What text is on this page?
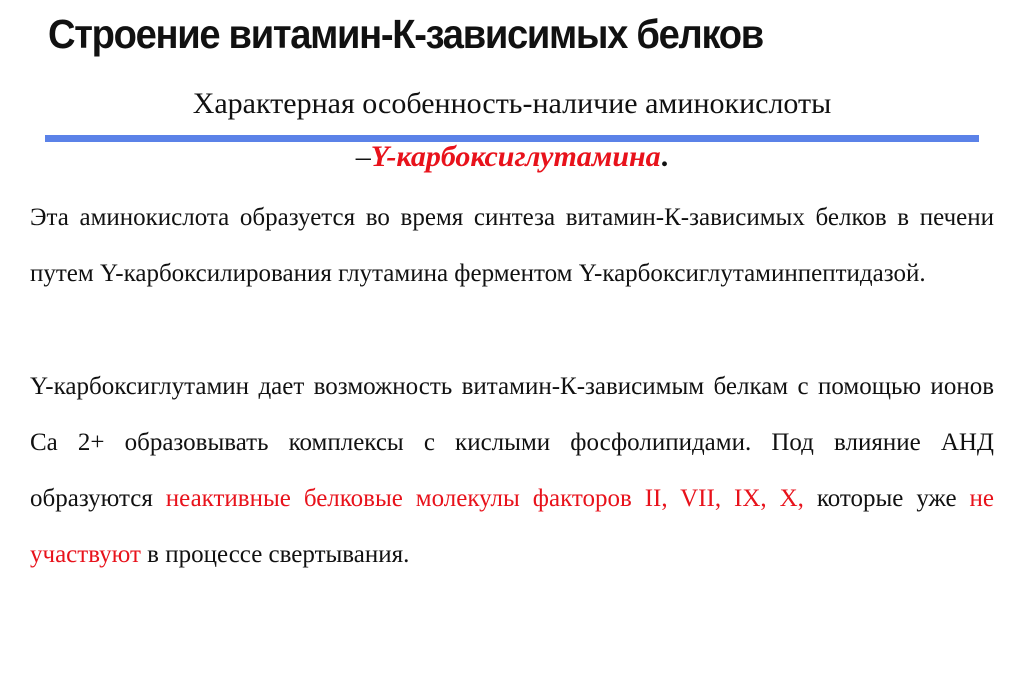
Строение витамин-К-зависимых белков
Характерная особенность-наличие аминокислоты
–Y-карбоксиглутамина.

Эта аминокислота образуется во время синтеза витамин-К-зависимых белков в печени путем Y-карбоксилирования глутамина ферментом Y-карбоксиглутаминпептидазой.

Y-карбоксиглутамин дает возможность витамин-К-зависимым белкам с помощью ионов Са 2+ образовывать комплексы с кислыми фосфолипидами. Под влияние АНД образуются неактивные белковые молекулы факторов II, VII, IX, X, которые уже не участвуют в процессе свертывания.
